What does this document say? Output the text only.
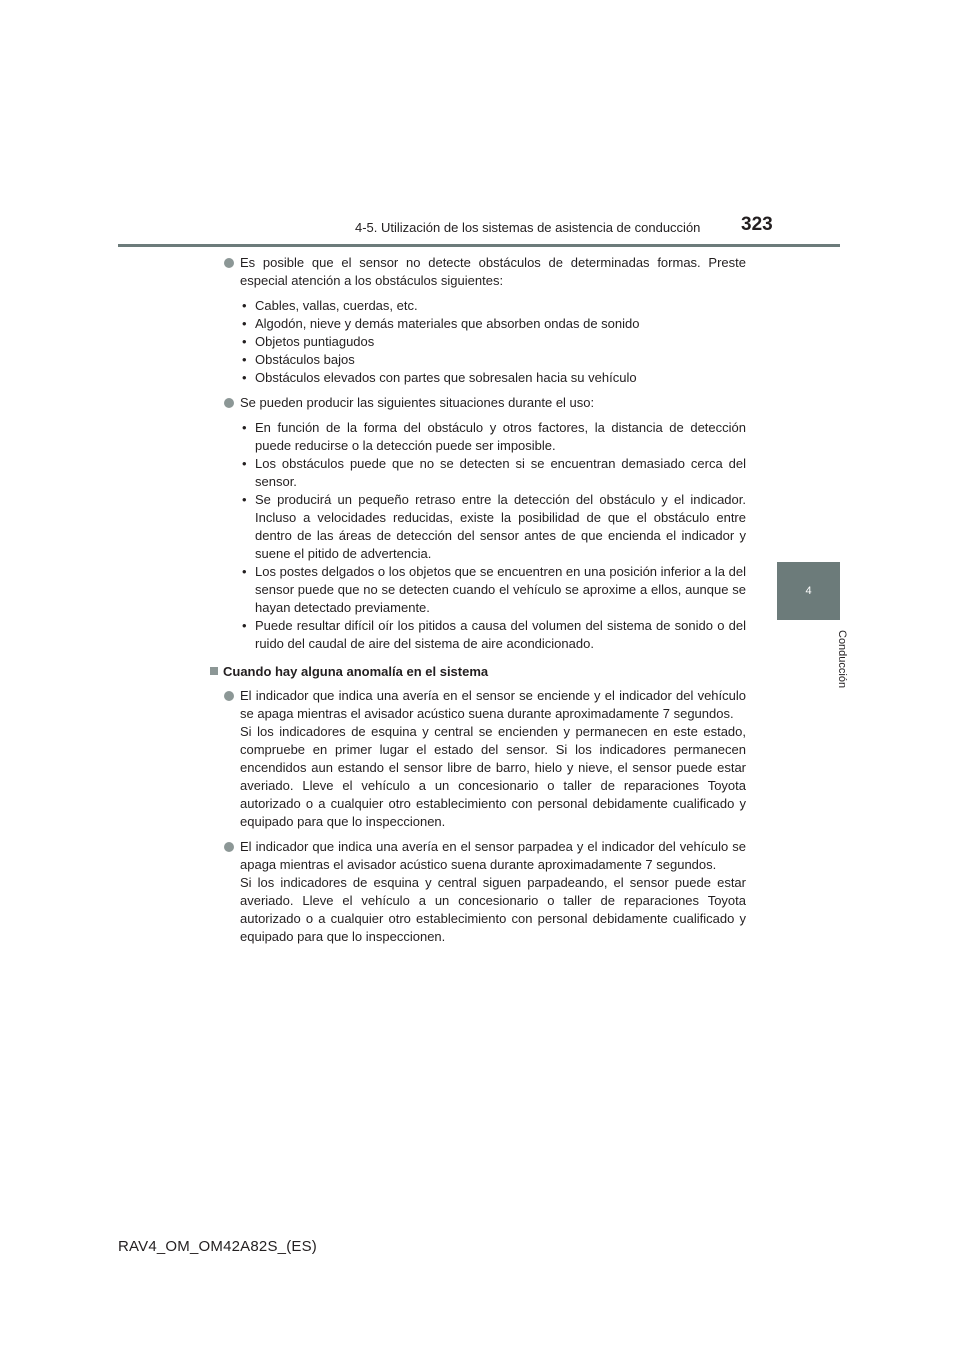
4-5. Utilización de los sistemas de asistencia de conducción 323
4
Conducción
Es posible que el sensor no detecte obstáculos de determinadas formas. Preste especial atención a los obstáculos siguientes:
• Cables, vallas, cuerdas, etc.
• Algodón, nieve y demás materiales que absorben ondas de sonido
• Objetos puntiagudos
• Obstáculos bajos
• Obstáculos elevados con partes que sobresalen hacia su vehículo
Se pueden producir las siguientes situaciones durante el uso:
• En función de la forma del obstáculo y otros factores, la distancia de detección puede reducirse o la detección puede ser imposible.
• Los obstáculos puede que no se detecten si se encuentran demasiado cerca del sensor.
• Se producirá un pequeño retraso entre la detección del obstáculo y el indicador. Incluso a velocidades reducidas, existe la posibilidad de que el obstáculo entre dentro de las áreas de detección del sensor antes de que encienda el indicador y suene el pitido de advertencia.
• Los postes delgados o los objetos que se encuentren en una posición inferior a la del sensor puede que no se detecten cuando el vehículo se aproxime a ellos, aunque se hayan detectado previamente.
• Puede resultar difícil oír los pitidos a causa del volumen del sistema de sonido o del ruido del caudal de aire del sistema de aire acondicionado.
Cuando hay alguna anomalía en el sistema
El indicador que indica una avería en el sensor se enciende y el indicador del vehículo se apaga mientras el avisador acústico suena durante aproximadamente 7 segundos.
Si los indicadores de esquina y central se encienden y permanecen en este estado, compruebe en primer lugar el estado del sensor. Si los indicadores permanecen encendidos aun estando el sensor libre de barro, hielo y nieve, el sensor puede estar averiado. Lleve el vehículo a un concesionario o taller de reparaciones Toyota autorizado o a cualquier otro establecimiento con personal debidamente cualificado y equipado para que lo inspeccionen.
El indicador que indica una avería en el sensor parpadea y el indicador del vehículo se apaga mientras el avisador acústico suena durante aproximadamente 7 segundos.
Si los indicadores de esquina y central siguen parpadeando, el sensor puede estar averiado. Lleve el vehículo a un concesionario o taller de reparaciones Toyota autorizado o a cualquier otro establecimiento con personal debidamente cualificado y equipado para que lo inspeccionen.
RAV4_OM_OM42A82S_(ES)
